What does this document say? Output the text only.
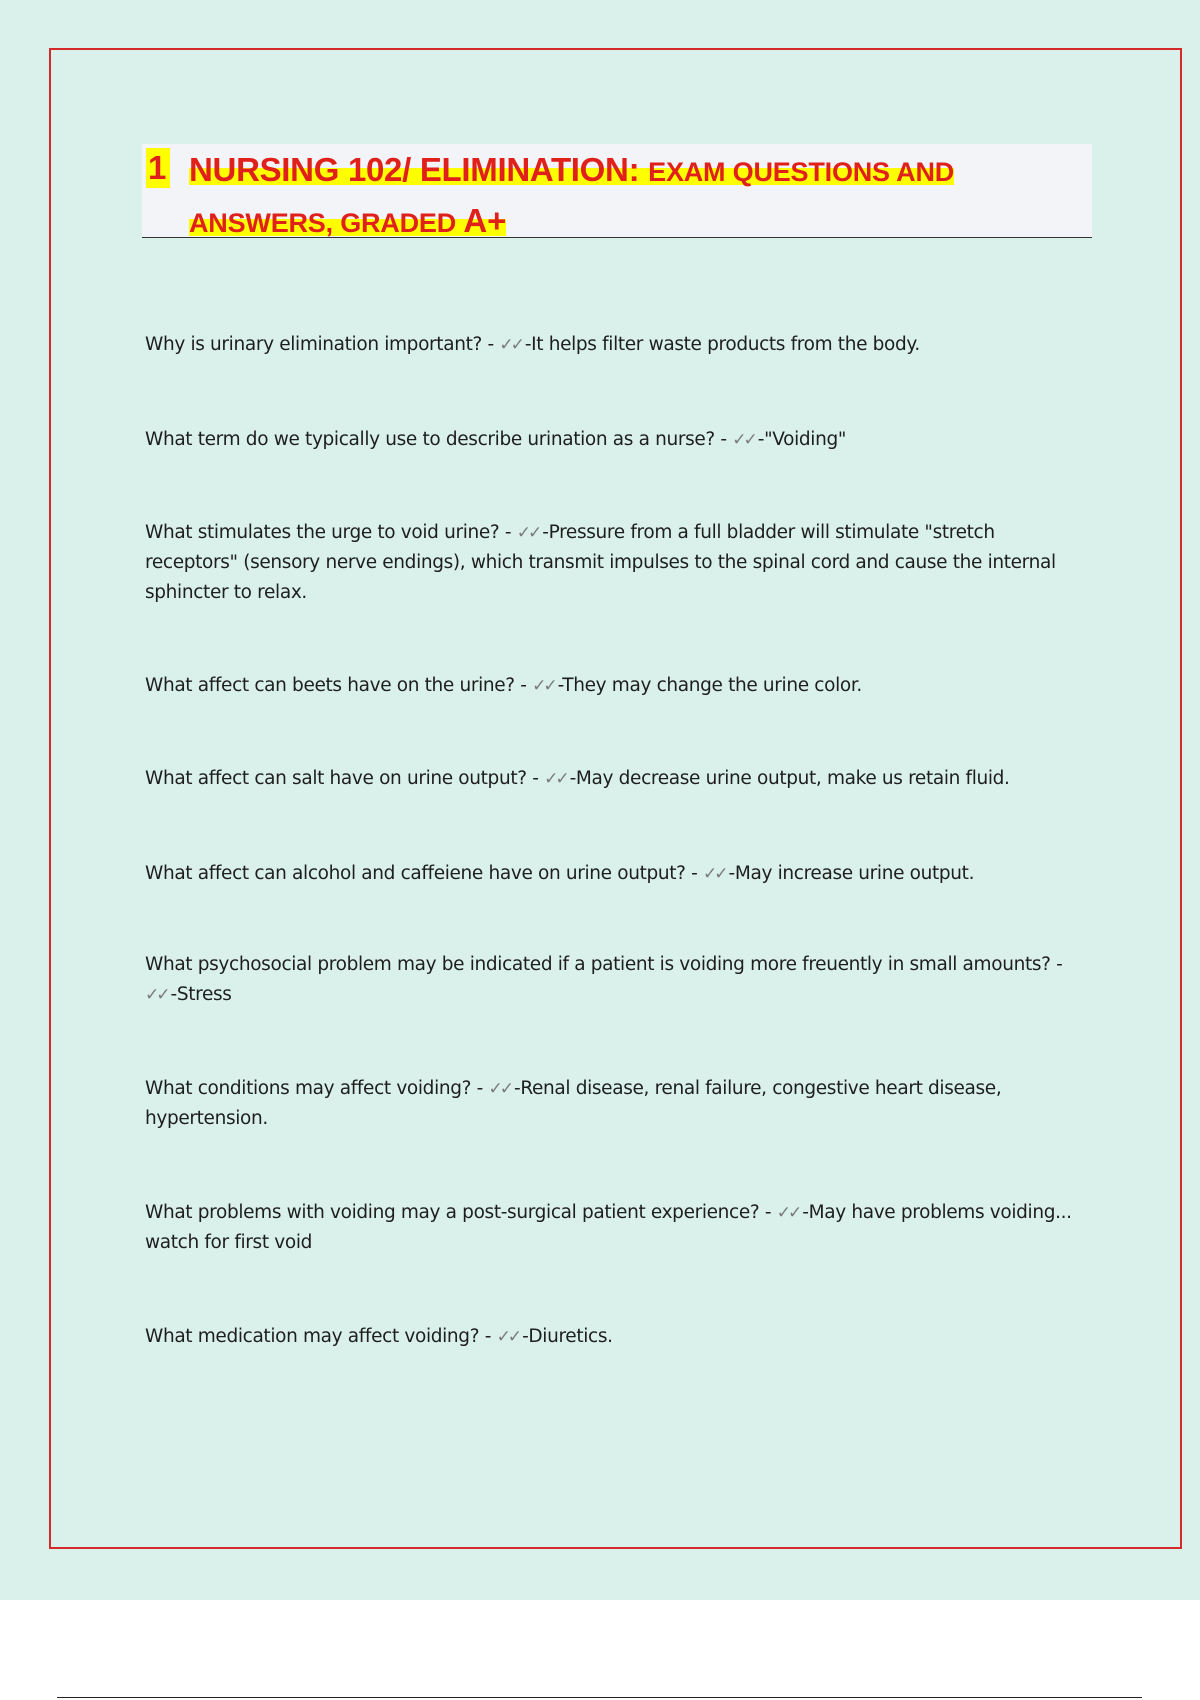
1 NURSING 102/ ELIMINATION: EXAM QUESTIONS AND ANSWERS, GRADED A+
Why is urinary elimination important? - ✓✓ -It helps filter waste products from the body.
What term do we typically use to describe urination as a nurse? - ✓✓ -"Voiding"
What stimulates the urge to void urine? - ✓✓ -Pressure from a full bladder will stimulate "stretch receptors" (sensory nerve endings), which transmit impulses to the spinal cord and cause the internal sphincter to relax.
What affect can beets have on the urine? - ✓✓ -They may change the urine color.
What affect can salt have on urine output? - ✓✓ -May decrease urine output, make us retain fluid.
What affect can alcohol and caffeiene have on urine output? - ✓✓ -May increase urine output.
What psychosocial problem may be indicated if a patient is voiding more freuently in small amounts? - ✓✓ -Stress
What conditions may affect voiding? - ✓✓ -Renal disease, renal failure, congestive heart disease, hypertension.
What problems with voiding may a post-surgical patient experience? - ✓✓ -May have problems voiding... watch for first void
What medication may affect voiding? - ✓✓ -Diuretics.
